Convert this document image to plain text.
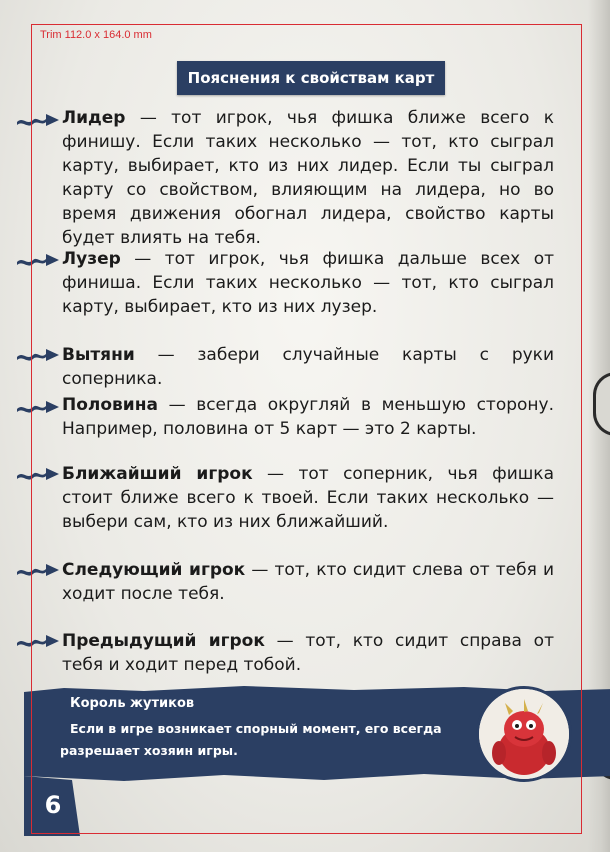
Trim 112.0 x 164.0 mm
Пояснения к свойствам карт
Лидер — тот игрок, чья фишка ближе всего к финишу. Если таких несколько — тот, кто сыграл карту, выбирает, кто из них лидер. Если ты сыграл карту со свойством, влияющим на лидера, но во время движения обогнал лидера, свойство карты будет влиять на тебя.
Лузер — тот игрок, чья фишка дальше всех от финиша. Если таких несколько — тот, кто сыграл карту, выбирает, кто из них лузер.
Вытяни — забери случайные карты с руки соперника.
Половина — всегда округляй в меньшую сторону. Например, половина от 5 карт — это 2 карты.
Ближайший игрок — тот соперник, чья фишка стоит ближе всего к твоей. Если таких несколько — выбери сам, кто из них ближайший.
Следующий игрок — тот, кто сидит слева от тебя и ходит после тебя.
Предыдущий игрок — тот, кто сидит справа от тебя и ходит перед тобой.
Король жутиков
Если в игре возникает спорный момент, его всегда разрешает хозяин игры.
6
